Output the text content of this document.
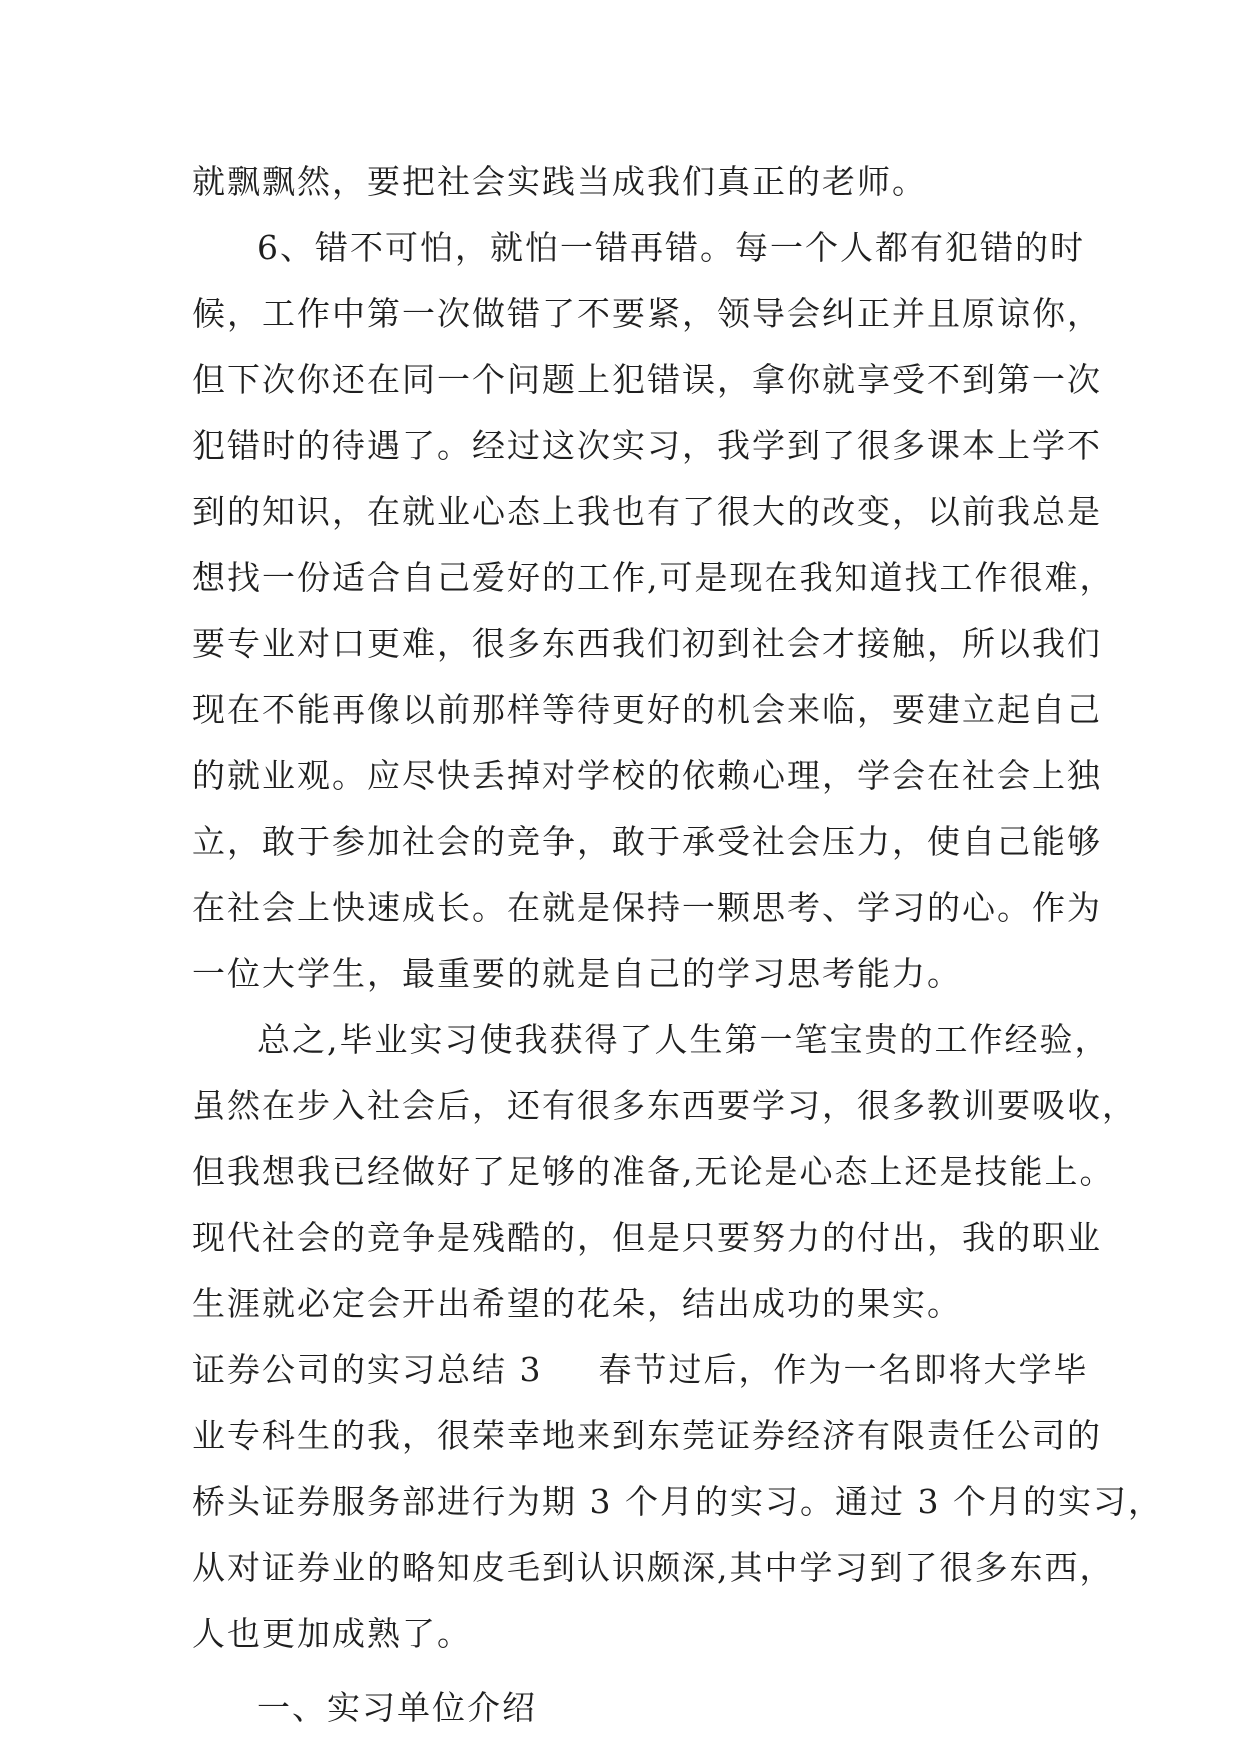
就飘飘然，要把社会实践当成我们真正的老师。
6、错不可怕，就怕一错再错。每一个人都有犯错的时
候，工作中第一次做错了不要紧，领导会纠正并且原谅你，
但下次你还在同一个问题上犯错误，拿你就享受不到第一次
犯错时的待遇了。经过这次实习，我学到了很多课本上学不
到的知识，在就业心态上我也有了很大的改变，以前我总是
想找一份适合自己爱好的工作,可是现在我知道找工作很难，
要专业对口更难，很多东西我们初到社会才接触，所以我们
现在不能再像以前那样等待更好的机会来临，要建立起自己
的就业观。应尽快丢掉对学校的依赖心理，学会在社会上独
立，敢于参加社会的竞争，敢于承受社会压力，使自己能够
在社会上快速成长。在就是保持一颗思考、学习的心。作为
一位大学生，最重要的就是自己的学习思考能力。
总之,毕业实习使我获得了人生第一笔宝贵的工作经验，
虽然在步入社会后，还有很多东西要学习，很多教训要吸收，
但我想我已经做好了足够的准备,无论是心态上还是技能上。
现代社会的竞争是残酷的，但是只要努力的付出，我的职业
生涯就必定会开出希望的花朵，结出成功的果实。
证券公司的实习总结 3 春节过后，作为一名即将大学毕
业专科生的我，很荣幸地来到东莞证券经济有限责任公司的
桥头证券服务部进行为期 3 个月的实习。通过 3 个月的实习，
从对证券业的略知皮毛到认识颇深,其中学习到了很多东西，
人也更加成熟了。
一、实习单位介绍
